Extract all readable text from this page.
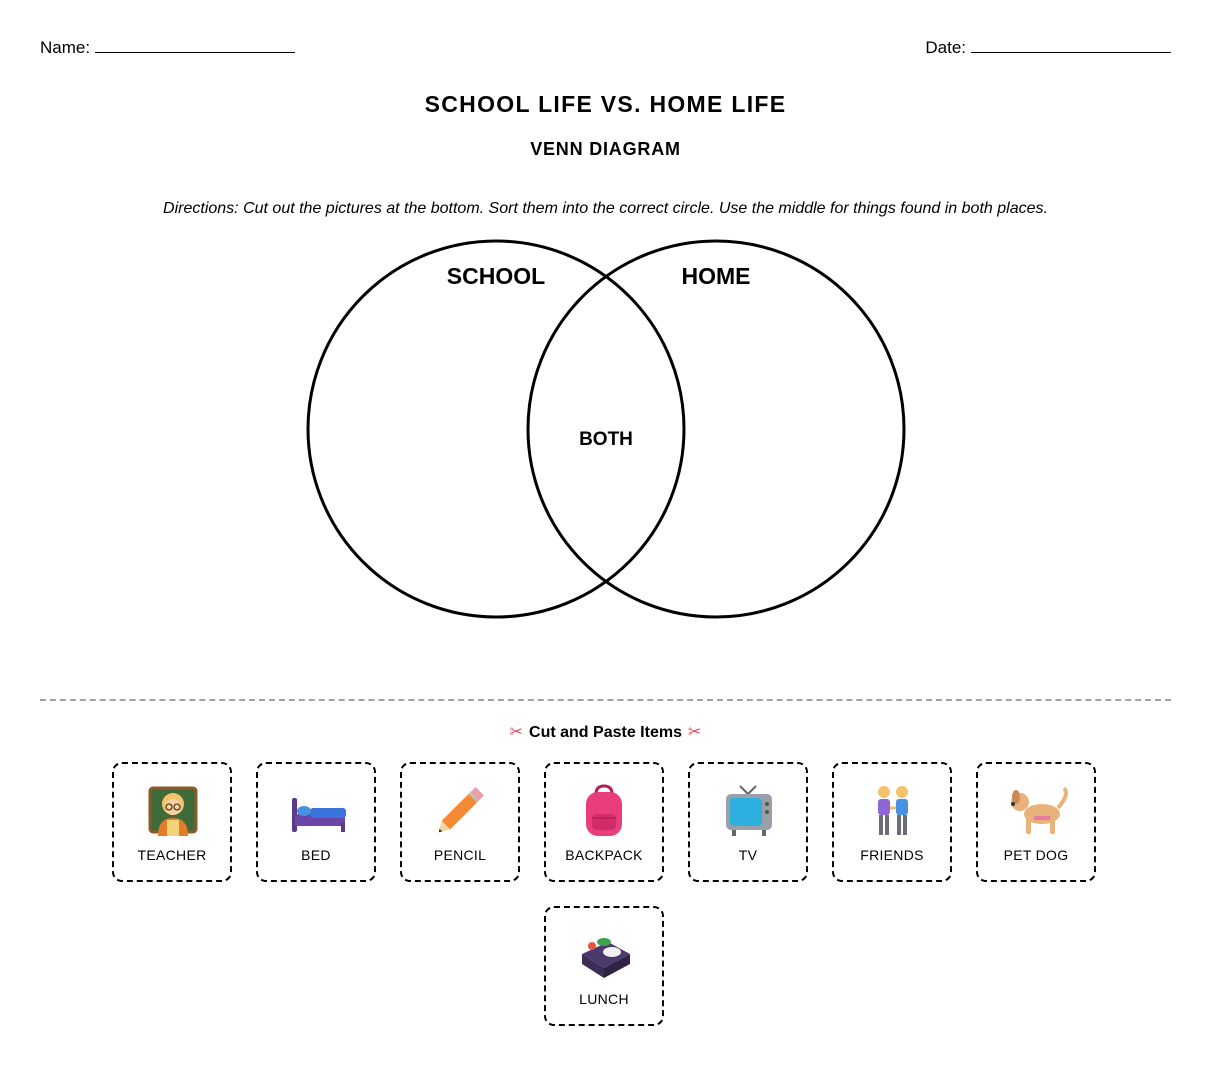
Name:	Date:
SCHOOL LIFE VS. HOME LIFE
VENN DIAGRAM
Directions: Cut out the pictures at the bottom. Sort them into the correct circle. Use the middle for things found in both places.
SCHOOL	HOME
BOTH
✂ Cut and Paste Items ✂
TEACHER	BED	PENCIL	BACKPACK	TV	FRIENDS	PET DOG
LUNCH
